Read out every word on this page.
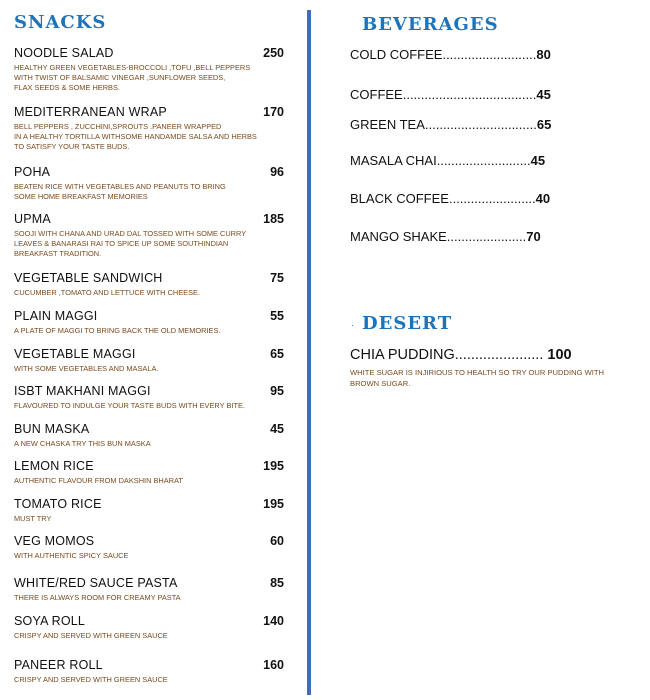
SNACKS
NOODLE SALAD	250
HEALTHY GREEN VEGETABLES-BROCCOLI ,TOFU ,BELL PEPPERS
WITH TWIST OF BALSAMIC VINEGAR ,SUNFLOWER SEEDS,
FLAX SEEDS & SOME HERBS.
MEDITERRANEAN WRAP	170
BELL PEPPERS , ZUCCHINI,SPROUTS .PANEER WRAPPED
IN A HEALTHY TORTILLA WITHSOME HANDAMDE SALSA AND HERBS
TO SATISFY YOUR TASTE BUDS.
POHA	96
BEATEN RICE WITH VEGETABLES AND PEANUTS TO BRING
SOME HOME BREAKFAST MEMORIES
UPMA	185
SOOJI WITH CHANA AND URAD DAL TOSSED WITH SOME CURRY
LEAVES & BANARASI RAI TO SPICE UP SOME SOUTHINDIAN
BREAKFAST TRADITION.
VEGETABLE SANDWICH	75
CUCUMBER ,TOMATO AND LETTUCE WITH CHEESE.
PLAIN MAGGI	55
A PLATE OF MAGGI TO BRING BACK THE OLD MEMORIES.
VEGETABLE MAGGI	65
WITH SOME VEGETABLES AND MASALA.
ISBT MAKHANI MAGGI	95
FLAVOURED TO INDULGE YOUR TASTE BUDS WITH EVERY BITE.
BUN MASKA	45
A NEW CHASKA TRY THIS BUN MASKA
LEMON RICE	195
AUTHENTIC FLAVOUR FROM DAKSHIN BHARAT
TOMATO RICE	195
MUST TRY
VEG MOMOS	60
WITH AUTHENTIC SPICY SAUCE
WHITE/RED SAUCE PASTA	85
THERE IS ALWAYS ROOM FOR CREAMY PASTA
SOYA ROLL	140
CRISPY AND SERVED WITH GREEN SAUCE
PANEER ROLL	160
CRISPY AND SERVED WITH GREEN SAUCE
BEVERAGES
COLD COFFEE..........................80
COFFEE.....................................45
GREEN TEA...............................65
MASALA CHAI..........................45
BLACK COFFEE........................40
MANGO SHAKE......................70
. DESERT
CHIA PUDDING...................... 100
WHITE SUGAR IS INJIRIOUS TO HEALTH SO TRY OUR PUDDING WITH BROWN SUGAR.
